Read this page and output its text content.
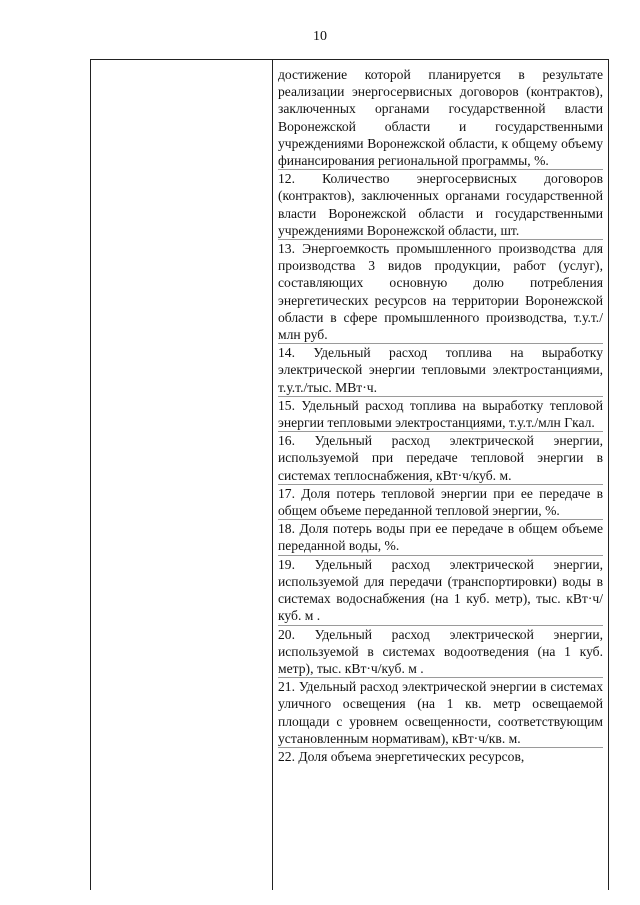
10

достижение которой планируется в результате реализации энергосервисных договоров (контрактов), заключенных органами государственной власти Воронежской области и государственными учреждениями Воронежской области, к общему объему финансирования региональной программы, %.

12. Количество энергосервисных договоров (контрактов), заключенных органами государственной власти Воронежской области и государственными учреждениями Воронежской области, шт.

13. Энергоемкость промышленного производства для производства 3 видов продукции, работ (услуг), составляющих основную долю потребления энергетических ресурсов на территории Воронежской области в сфере промышленного производства, т.у.т./млн руб.

14. Удельный расход топлива на выработку электрической энергии тепловыми электростанциями, т.у.т./тыс. МВт·ч.

15. Удельный расход топлива на выработку тепловой энергии тепловыми электростанциями, т.у.т./млн Гкал.

16. Удельный расход электрической энергии, используемой при передаче тепловой энергии в системах теплоснабжения, кВт·ч/куб. м.

17. Доля потерь тепловой энергии при ее передаче в общем объеме переданной тепловой энергии, %.

18. Доля потерь воды при ее передаче в общем объеме переданной воды, %.

19. Удельный расход электрической энергии, используемой для передачи (транспортировки) воды в системах водоснабжения (на 1 куб. метр), тыс. кВт·ч/куб. м .

20. Удельный расход электрической энергии, используемой в системах водоотведения (на 1 куб. метр), тыс. кВт·ч/куб. м .

21. Удельный расход электрической энергии в системах уличного освещения (на 1 кв. метр освещаемой площади с уровнем освещенности, соответствующим установленным нормативам), кВт·ч/кв. м.

22. Доля объема энергетических ресурсов,
